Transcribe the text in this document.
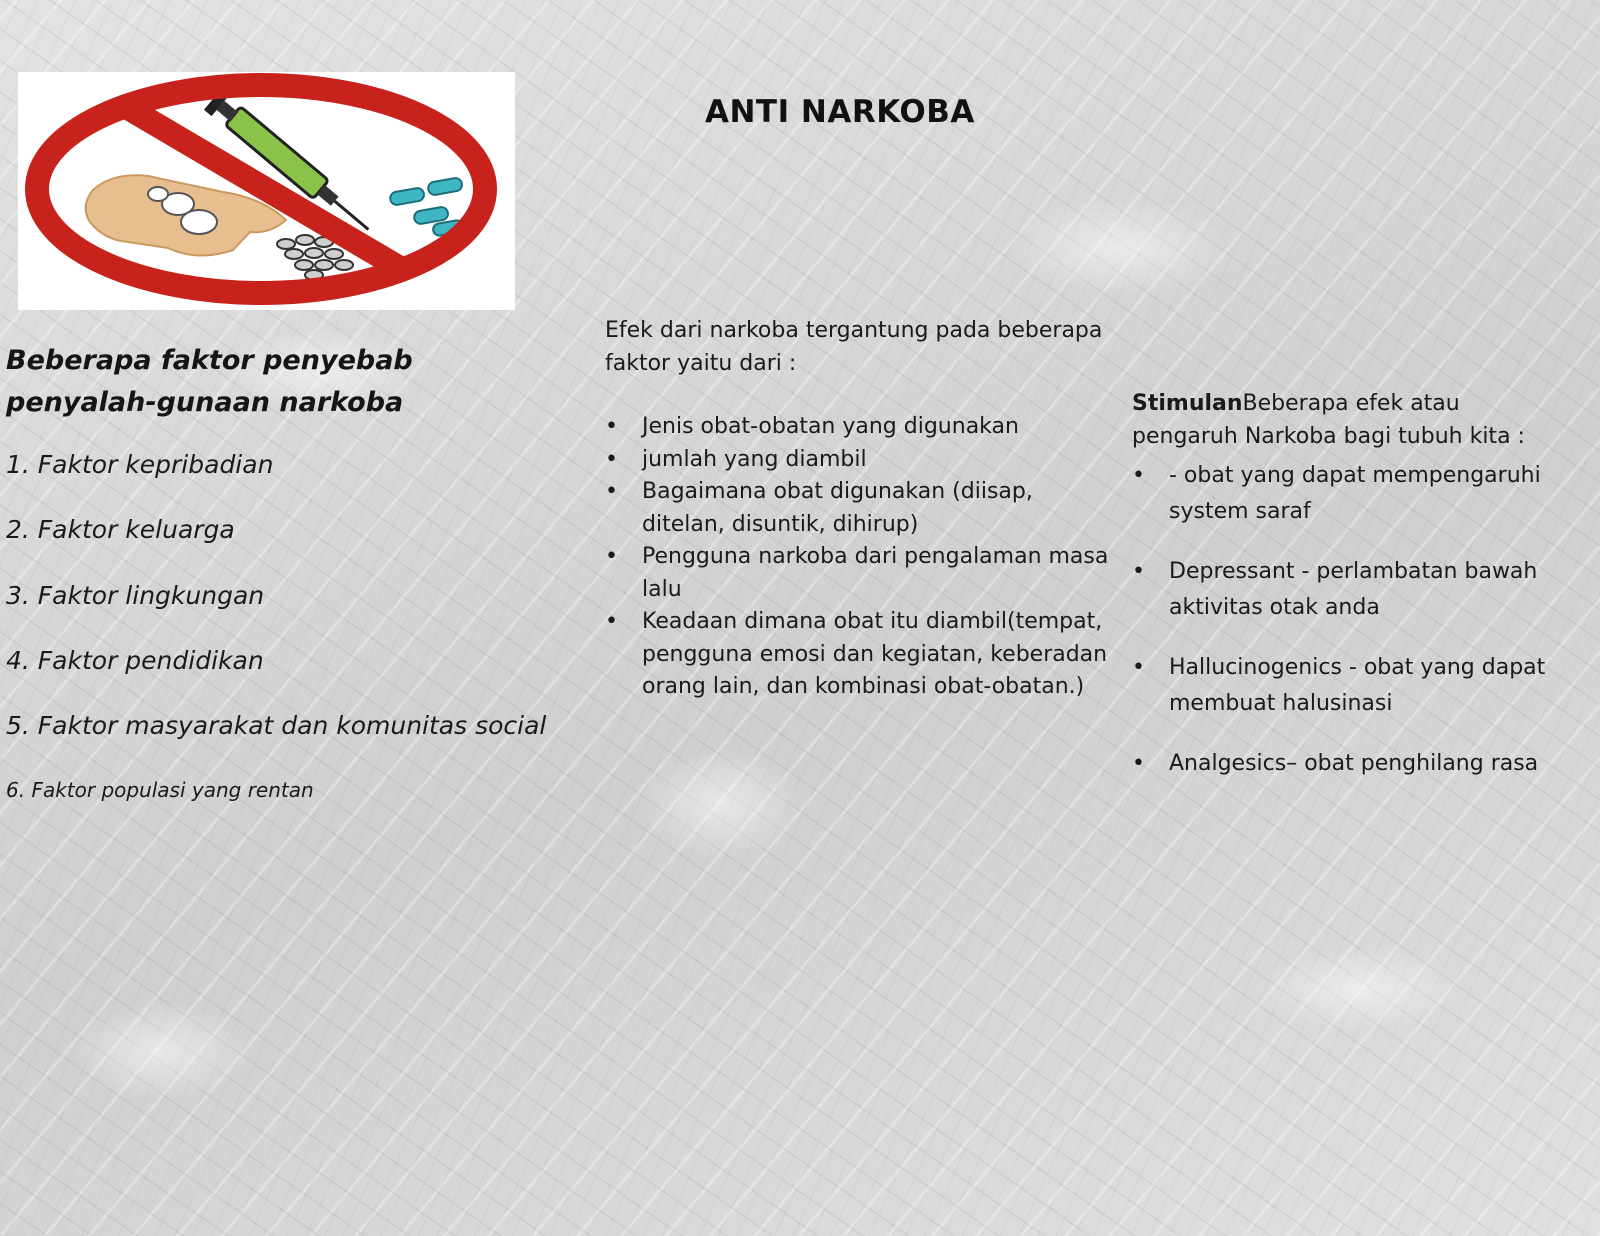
ANTI NARKOBA
Beberapa faktor penyebab penyalah-gunaan narkoba
1. Faktor kepribadian
2. Faktor keluarga
3. Faktor lingkungan
4. Faktor pendidikan
5. Faktor masyarakat dan komunitas social
6. Faktor populasi yang rentan
Efek dari narkoba tergantung pada beberapa faktor yaitu dari :
• Jenis obat-obatan yang digunakan
• jumlah yang diambil
• Bagaimana obat digunakan (diisap, ditelan, disuntik, dihirup)
• Pengguna narkoba dari pengalaman masa lalu
• Keadaan dimana obat itu diambil(tempat, pengguna emosi dan kegiatan, keberadan orang lain, dan kombinasi obat-obatan.)
StimulanBeberapa efek atau pengaruh Narkoba bagi tubuh kita :
• - obat yang dapat mempengaruhi system saraf
• Depressant - perlambatan bawah aktivitas otak anda
• Hallucinogenics - obat yang dapat membuat halusinasi
• Analgesics– obat penghilang rasa
